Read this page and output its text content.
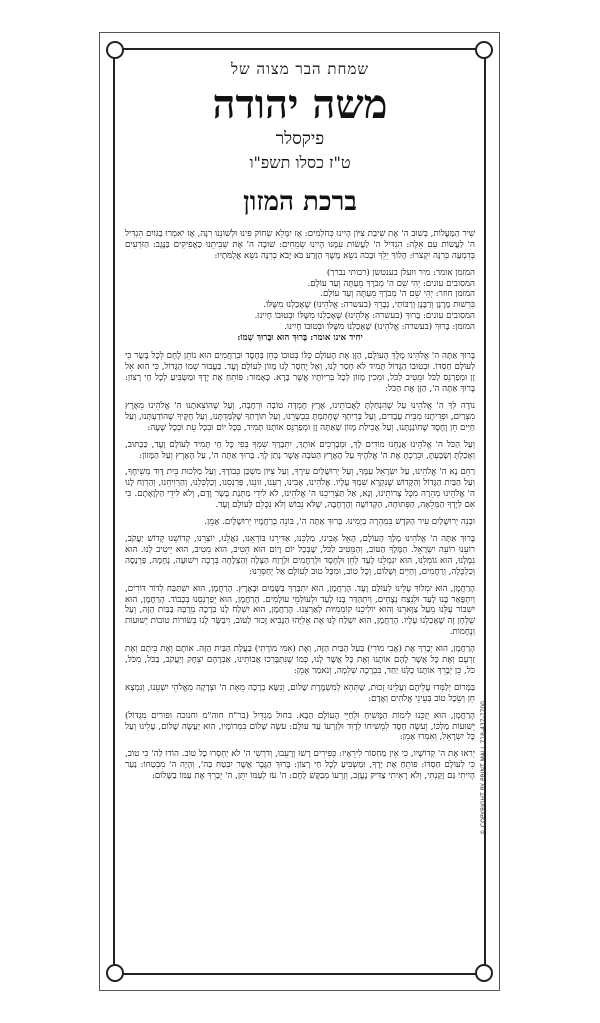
שמחת הבר מצוה של
משה יהודה
פיקסלר
ט"ז כסלו תשפ"ו
ברכת המזון

שִׁיר הַמַּעֲלוֹת, בְּשׁוּב ה' אֶת שִׁיבַת צִיּוֹן הָיִינוּ כְּחֹלְמִים: אָז יִמָּלֵא שְׂחוֹק פִּינוּ וּלְשׁוֹנֵנוּ רִנָּה, אָז יֹאמְרוּ בַגּוֹיִם הִגְדִּיל ה' לַעֲשׂוֹת עִם אֵלֶּה: הִגְדִּיל ה' לַעֲשׂוֹת עִמָּנוּ הָיִינוּ שְׂמֵחִים: שׁוּבָה ה' אֶת שְׁבִיתֵנוּ כַּאֲפִיקִים בַּנֶּגֶב: הַזֹּרְעִים בְּדִמְעָה בְּרִנָּה יִקְצֹרוּ: הָלוֹךְ יֵלֵךְ וּבָכֹה נֹשֵׂא מֶשֶׁךְ הַזָּרַע בֹּא יָבֹא בְרִנָּה נֹשֵׂא אֲלֻמֹּתָיו:

המזמן אומר: מיר וועלן בענטשן (רבותי נברך)
המסובים עונים: יְהִי שֵׁם ה' מְבֹרָךְ מֵעַתָּה וְעַד עוֹלָם.
המזמן חוזר: יְהִי שֵׁם ה' מְבֹרָךְ מֵעַתָּה וְעַד עוֹלָם.
בִּרְשׁוּת מָרָנָן וְרַבָּנָן וְרַבּוֹתַי, נְבָרֵךְ (בעשרה: אֱלֹהֵינוּ) שֶׁאָכַלְנוּ מִשֶּׁלּוֹ.
המסובים עונים: בָּרוּךְ (בעשרה: אֱלֹהֵינוּ) שֶׁאָכַלְנוּ מִשֶּׁלּוֹ וּבְטוּבוֹ חָיִינוּ.
המזמן: בָּרוּךְ (בעשרה: אֱלֹהֵינוּ) שֶׁאָכַלְנוּ מִשֶּׁלּוֹ וּבְטוּבוֹ חָיִינוּ.
יחיד אינו אומר: בָּרוּךְ הוּא וּבָרוּךְ שְׁמוֹ:

בָּרוּךְ אַתָּה ה' אֱלֹהֵינוּ מֶלֶךְ הָעוֹלָם, הַזָּן אֶת הָעוֹלָם כֻּלּוֹ בְּטוּבוֹ בְּחֵן בְּחֶסֶד וּבְרַחֲמִים הוּא נוֹתֵן לֶחֶם לְכָל בָּשָׂר כִּי לְעוֹלָם חַסְדּוֹ. וּבְטוּבוֹ הַגָּדוֹל תָּמִיד לֹא חָסַר לָנוּ, וְאַל יֶחְסַר לָנוּ מָזוֹן לְעוֹלָם וָעֶד. בַּעֲבוּר שְׁמוֹ הַגָּדוֹל, כִּי הוּא אֵל זָן וּמְפַרְנֵס לַכֹּל וּמֵטִיב לַכֹּל, וּמֵכִין מָזוֹן לְכָל בְּרִיּוֹתָיו אֲשֶׁר בָּרָא. כָּאָמוּר: פּוֹתֵחַ אֶת יָדֶךָ וּמַשְׂבִּיעַ לְכָל חַי רָצוֹן: בָּרוּךְ אַתָּה ה', הַזָּן אֶת הַכֹּל:

נוֹדֶה לְּךָ ה' אֱלֹהֵינוּ עַל שֶׁהִנְחַלְתָּ לַאֲבוֹתֵינוּ, אֶרֶץ חֶמְדָּה טוֹבָה וּרְחָבָה, וְעַל שֶׁהוֹצֵאתָנוּ ה' אֱלֹהֵינוּ מֵאֶרֶץ מִצְרַיִם, וּפְדִיתָנוּ מִבֵּית עֲבָדִים, וְעַל בְּרִיתְךָ שֶׁחָתַמְתָּ בִּבְשָׂרֵנוּ, וְעַל תּוֹרָתְךָ שֶׁלִּמַּדְתָּנוּ, וְעַל חֻקֶּיךָ שֶׁהוֹדַעְתָּנוּ, וְעַל חַיִּים חֵן וָחֶסֶד שֶׁחוֹנַנְתָּנוּ, וְעַל אֲכִילַת מָזוֹן שָׁאַתָּה זָן וּמְפַרְנֵס אוֹתָנוּ תָּמִיד, בְּכָל יוֹם וּבְכָל עֵת וּבְכָל שָׁעָה:

וְעַל הַכֹּל ה' אֱלֹהֵינוּ אֲנַחְנוּ מוֹדִים לָךְ, וּמְבָרְכִים אוֹתָךְ, יִתְבָּרַךְ שִׁמְךָ בְּפִי כָּל חַי תָּמִיד לְעוֹלָם וָעֶד, כַּכָּתוּב, וְאָכַלְתָּ וְשָׂבָעְתָּ, וּבֵרַכְתָּ אֶת ה' אֱלֹהֶיךָ עַל הָאָרֶץ הַטֹּבָה אֲשֶׁר נָתַן לָךְ. בָּרוּךְ אַתָּה ה', עַל הָאָרֶץ וְעַל הַמָּזוֹן:

רַחֵם נָא ה' אֱלֹהֵינוּ, עַל יִשְׂרָאֵל עַמֶּךָ, וְעַל יְרוּשָׁלַיִם עִירֶךָ, וְעַל צִיּוֹן מִשְׁכַּן כְּבוֹדֶךָ, וְעַל מַלְכוּת בֵּית דָּוִד מְשִׁיחֶךָ, וְעַל הַבַּיִת הַגָּדוֹל וְהַקָּדוֹשׁ שֶׁנִּקְרָא שִׁמְךָ עָלָיו. אֱלֹהֵינוּ, אָבִינוּ, רְעֵנוּ, זוּנֵנוּ, פַּרְנְסֵנוּ, וְכַלְכְּלֵנוּ, וְהַרְוִיחֵנוּ, וְהַרְוַח לָנוּ ה' אֱלֹהֵינוּ מְהֵרָה מִכָּל צָרוֹתֵינוּ, וְנָא, אַל תַּצְרִיכֵנוּ ה' אֱלֹהֵינוּ, לֹא לִידֵי מַתְּנַת בָּשָׂר וָדָם, וְלֹא לִידֵי הַלְוָאָתָם. כִּי אִם לְיָדְךָ הַמְּלֵאָה, הַפְּתוּחָה, הַקְּדוֹשָׁה וְהָרְחָבָה, שֶׁלֹּא נֵבוֹשׁ וְלֹא נִכָּלֵם לְעוֹלָם וָעֶד.

וּבְנֵה יְרוּשָׁלַיִם עִיר הַקֹּדֶשׁ בִּמְהֵרָה בְיָמֵינוּ. בָּרוּךְ אַתָּה ה', בּוֹנֵה בְרַחֲמָיו יְרוּשָׁלָיִם. אָמֵן.

בָּרוּךְ אַתָּה ה' אֱלֹהֵינוּ מֶלֶךְ הָעוֹלָם, הָאֵל אָבִינוּ, מַלְכֵּנוּ, אַדִּירֵנוּ בּוֹרְאֵנוּ, גֹּאֲלֵנוּ, יוֹצְרֵנוּ, קְדוֹשֵׁנוּ קְדוֹשׁ יַעֲקֹב, רוֹעֵנוּ רוֹעֵה יִשְׂרָאֵל. הַמֶּלֶךְ הַטּוֹב, וְהַמֵּטִיב לַכֹּל, שֶׁבְּכָל יוֹם וָיוֹם הוּא הֵטִיב, הוּא מֵטִיב, הוּא יֵיטִיב לָנוּ. הוּא גְמָלָנוּ, הוּא גוֹמְלֵנוּ, הוּא יִגְמְלֵנוּ לָעַד לְחֵן וּלְחֶסֶד וּלְרַחֲמִים וּלְרֶוַח הַצָּלָה וְהַצְלָחָה בְּרָכָה וִישׁוּעָה, נֶחָמָה, פַּרְנָסָה וְכַלְכָּלָה, וְרַחֲמִים, וְחַיִּים וְשָׁלוֹם, וְכָל טוֹב, וּמִכָּל טוּב לְעוֹלָם אַל יְחַסְּרֵנוּ:

הָרַחֲמָן, הוּא יִמְלוֹךְ עָלֵינוּ לְעוֹלָם וָעֶד. הָרַחֲמָן, הוּא יִתְבָּרַךְ בַּשָּׁמַיִם וּבָאָרֶץ. הָרַחֲמָן, הוּא יִשְׁתַּבַּח לְדוֹר דּוֹרִים, וְיִתְפָּאַר בָּנוּ לָעַד וּלְנֵצַח נְצָחִים, וְיִתְהַדַּר בָּנוּ לָעַד וּלְעוֹלְמֵי עוֹלָמִים. הָרַחֲמָן, הוּא יְפַרְנְסֵנוּ בְּכָבוֹד. הָרַחֲמָן, הוּא יִשְׁבּוֹר עֻלֵּנוּ מֵעַל צַוָּארֵנוּ וְהוּא יוֹלִיכֵנוּ קוֹמְמִיּוּת לְאַרְצֵנוּ. הָרַחֲמָן, הוּא יִשְׁלַח לָנוּ בְּרָכָה מְרֻבָּה בַּבַּיִת הַזֶּה, וְעַל שֻׁלְחָן זֶה שֶׁאָכַלְנוּ עָלָיו. הָרַחֲמָן, הוּא יִשְׁלַח לָנוּ אֶת אֵלִיָּהוּ הַנָּבִיא זָכוּר לַטּוֹב, וִיבַשֶּׂר לָנוּ בְּשׂוֹרוֹת טוֹבוֹת יְשׁוּעוֹת וְנֶחָמוֹת.

הָרַחֲמָן, הוּא יְבָרֵךְ אֶת (אָבִי מוֹרִי) בַּעַל הַבַּיִת הַזֶּה, וְאֶת (אִמִּי מוֹרָתִי) בַּעֲלַת הַבַּיִת הַזֶּה. אוֹתָם וְאֶת בֵּיתָם וְאֶת זַרְעָם וְאֶת כָּל אֲשֶׁר לָהֶם אוֹתָנוּ וְאֶת כָּל אֲשֶׁר לָנוּ, כְּמוֹ שֶׁנִּתְבָּרְכוּ אֲבוֹתֵינוּ, אַבְרָהָם יִצְחָק וְיַעֲקֹב, בַּכֹּל, מִכֹּל, כֹּל, כֵּן יְבָרֵךְ אוֹתָנוּ כֻּלָּנוּ יַחַד, בִּבְרָכָה שְׁלֵמָה, וְנֹאמַר אָמֵן:

בַּמָּרוֹם יְלַמְּדוּ עֲלֵיהֶם וְעָלֵינוּ זְכוּת, שֶׁתְּהֵא לְמִשְׁמֶרֶת שָׁלוֹם, וְנִשָּׂא בְרָכָה מֵאֵת ה' וּצְדָקָה מֵאֱלֹהֵי יִשְׁעֵנוּ, וְנִמְצָא חֵן וְשֵׂכֶל טוֹב בְּעֵינֵי אֱלֹהִים וְאָדָם:

הָרַחֲמָן, הוּא יְזַכֵּנוּ לִימוֹת הַמָּשִׁיחַ וּלְחַיֵּי הָעוֹלָם הַבָּא. בחול מַגְדִּיל (בר"ח חוה"מ וחנוכה ופורים מִגְדּוֹל) יְשׁוּעוֹת מַלְכּוֹ, וְעֹשֶׂה חֶסֶד לִמְשִׁיחוֹ לְדָוִד וּלְזַרְעוֹ עַד עוֹלָם: עֹשֶׂה שָׁלוֹם בִּמְרוֹמָיו, הוּא יַעֲשֶׂה שָׁלוֹם, עָלֵינוּ וְעַל כָּל יִשְׂרָאֵל, וְאִמְרוּ אָמֵן:

יְראוּ אֶת ה' קְדוֹשָׁיו, כִּי אֵין מַחְסוֹר לִירֵאָיו: כְּפִירִים רָשׁוּ וְרָעֵבוּ, וְדֹרְשֵׁי ה' לֹא יַחְסְרוּ כָל טוֹב. הוֹדוּ לַה' כִּי טוֹב, כִּי לְעוֹלָם חַסְדּוֹ: פּוֹתֵחַ אֶת יָדֶךָ, וּמַשְׂבִּיעַ לְכָל חַי רָצוֹן: בָּרוּךְ הַגֶּבֶר אֲשֶׁר יִבְטַח בַּה', וְהָיָה ה' מִבְטַחוֹ: נַעַר הָיִיתִי גַּם זָקַנְתִּי, וְלֹא רָאִיתִי צַדִּיק נֶעֱזָב, וְזַרְעוֹ מְבַקֶּשׁ לָחֶם: ה' עֹז לְעַמּוֹ יִתֵּן, ה' יְבָרֵךְ אֶת עַמּוֹ בַשָּׁלוֹם: © COPYRIGHT BY PRINT MALL 718-437-7700
